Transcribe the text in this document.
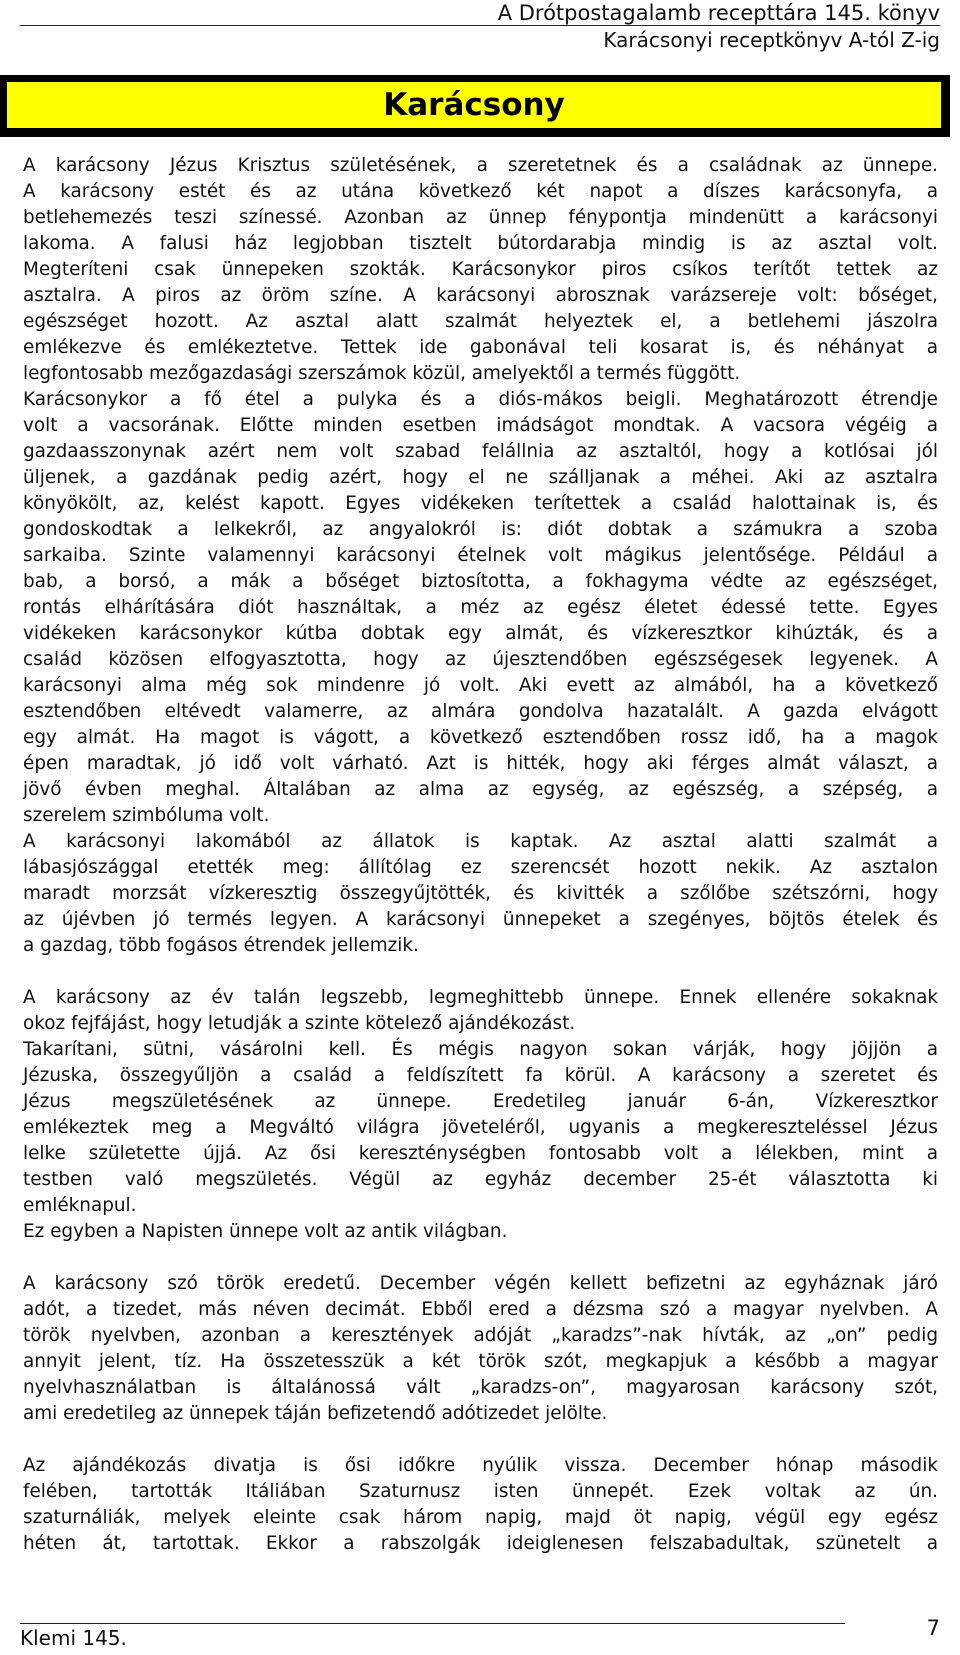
A Drótpostagalamb recepttára 145. könyv
Karácsonyi receptkönyv A-tól Z-ig
Karácsony
A karácsony Jézus Krisztus születésének, a szeretetnek és a családnak az ünnepe.
A karácsony estét és az utána következő két napot a díszes karácsonyfa, a
betlehemezés teszi színessé. Azonban az ünnep fénypontja mindenütt a karácsonyi
lakoma. A falusi ház legjobban tisztelt bútordarabja mindig is az asztal volt.
Megteríteni csak ünnepeken szokták. Karácsonykor piros csíkos terítőt tettek az
asztalra. A piros az öröm színe. A karácsonyi abrosznak varázsereje volt: bőséget,
egészséget hozott. Az asztal alatt szalmát helyeztek el, a betlehemi jászolra
emlékezve és emlékeztetve. Tettek ide gabonával teli kosarat is, és néhányat a
legfontosabb mezőgazdasági szerszámok közül, amelyektől a termés függött.
Karácsonykor a fő étel a pulyka és a diós-mákos beigli. Meghatározott étrendje
volt a vacsorának. Előtte minden esetben imádságot mondtak. A vacsora végéig a
gazdaasszonynak azért nem volt szabad felállnia az asztaltól, hogy a kotlósai jól
üljenek, a gazdának pedig azért, hogy el ne szálljanak a méhei. Aki az asztalra
könyökölt, az, kelést kapott. Egyes vidékeken terítettek a család halottainak is, és
gondoskodtak a lelkekről, az angyalokról is: diót dobtak a számukra a szoba
sarkaiba. Szinte valamennyi karácsonyi ételnek volt mágikus jelentősége. Például a
bab, a borsó, a mák a bőséget biztosította, a fokhagyma védte az egészséget,
rontás elhárítására diót használtak, a méz az egész életet édessé tette. Egyes
vidékeken karácsonykor kútba dobtak egy almát, és vízkeresztkor kihúzták, és a
család közösen elfogyasztotta, hogy az újesztendőben egészségesek legyenek. A
karácsonyi alma még sok mindenre jó volt. Aki evett az almából, ha a következő
esztendőben eltévedt valamerre, az almára gondolva hazatalált. A gazda elvágott
egy almát. Ha magot is vágott, a következő esztendőben rossz idő, ha a magok
épen maradtak, jó idő volt várható. Azt is hitték, hogy aki férges almát választ, a
jövő évben meghal. Általában az alma az egység, az egészség, a szépség, a
szerelem szimbóluma volt.
A karácsonyi lakomából az állatok is kaptak. Az asztal alatti szalmát a
lábasjószággal etették meg: állítólag ez szerencsét hozott nekik. Az asztalon
maradt morzsát vízkeresztig összegyűjtötték, és kivitték a szőlőbe szétszórni, hogy
az újévben jó termés legyen. A karácsonyi ünnepeket a szegényes, böjtös ételek és
a gazdag, több fogásos étrendek jellemzik.
A karácsony az év talán legszebb, legmeghittebb ünnepe. Ennek ellenére sokaknak
okoz fejfájást, hogy letudják a szinte kötelező ajándékozást.
Takarítani, sütni, vásárolni kell. És mégis nagyon sokan várják, hogy jöjjön a
Jézuska, összegyűljön a család a feldíszített fa körül. A karácsony a szeretet és
Jézus megszületésének az ünnepe. Eredetileg január 6-án, Vízkeresztkor
emlékeztek meg a Megváltó világra jöveteléről, ugyanis a megkereszteléssel Jézus
lelke születette újjá. Az ősi kereszténységben fontosabb volt a lélekben, mint a
testben való megszületés. Végül az egyház december 25-ét választotta ki
emléknapul.
Ez egyben a Napisten ünnepe volt az antik világban.
A karácsony szó török eredetű. December végén kellett befizetni az egyháznak járó
adót, a tizedet, más néven decimát. Ebből ered a dézsma szó a magyar nyelvben. A
török nyelvben, azonban a keresztények adóját „karadzs”-nak hívták, az „on” pedig
annyit jelent, tíz. Ha összetesszük a két török szót, megkapjuk a később a magyar
nyelvhasználatban is általánossá vált „karadzs-on”, magyarosan karácsony szót,
ami eredetileg az ünnepek táján befizetendő adótizedet jelölte.
Az ajándékozás divatja is ősi időkre nyúlik vissza. December hónap második
felében, tartották Itáliában Szaturnusz isten ünnepét. Ezek voltak az ún.
szaturnáliák, melyek eleinte csak három napig, majd öt napig, végül egy egész
héten át, tartottak. Ekkor a rabszolgák ideiglenesen felszabadultak, szünetelt a
Klemi 145.	7
